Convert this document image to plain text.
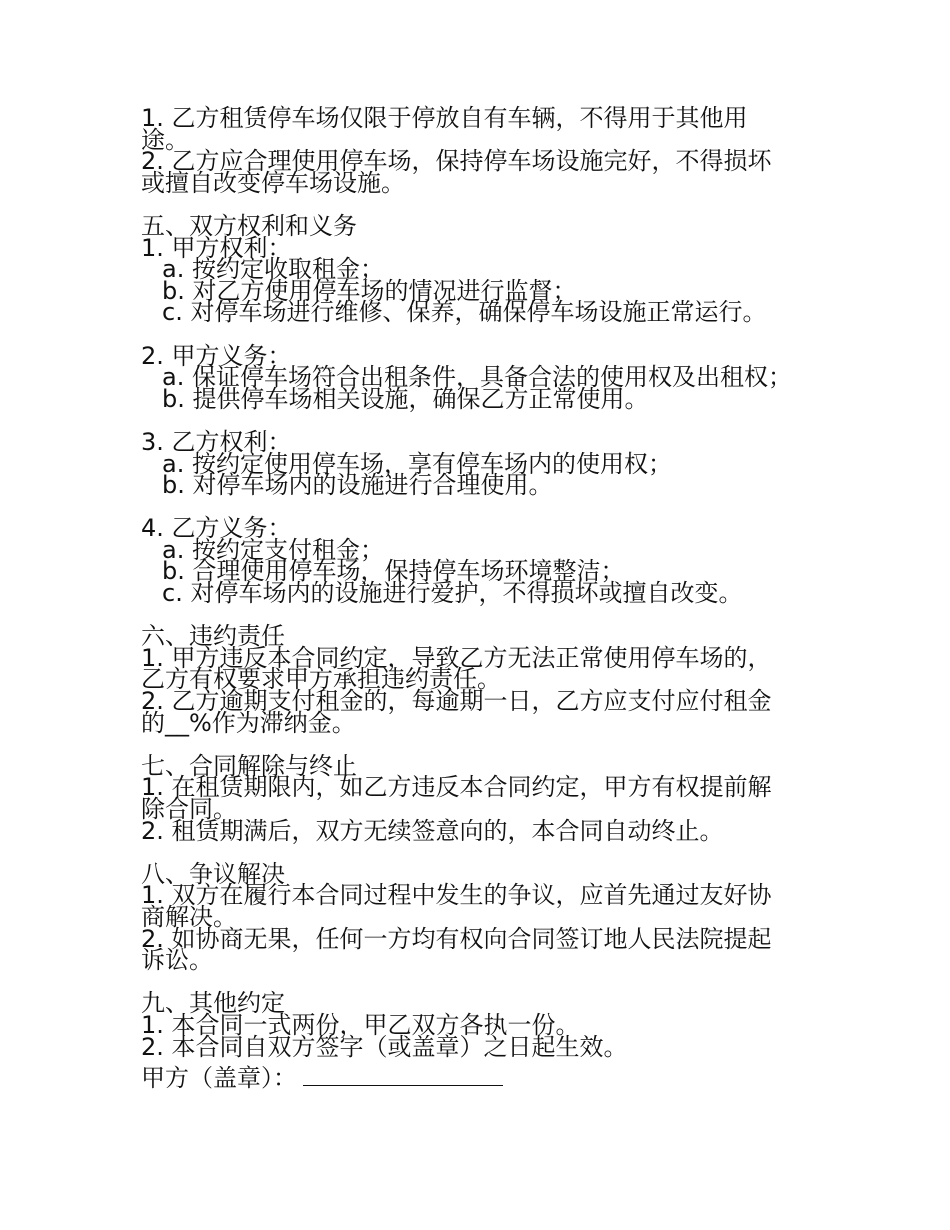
1. 乙方租赁停车场仅限于停放自有车辆，不得用于其他用
途。
2. 乙方应合理使用停车场，保持停车场设施完好，不得损坏
或擅自改变停车场设施。
五、双方权利和义务
1. 甲方权利：
a. 按约定收取租金；
b. 对乙方使用停车场的情况进行监督；
c. 对停车场进行维修、保养，确保停车场设施正常运行。
2. 甲方义务：
a. 保证停车场符合出租条件，具备合法的使用权及出租权；
b. 提供停车场相关设施，确保乙方正常使用。
3. 乙方权利：
a. 按约定使用停车场，享有停车场内的使用权；
b. 对停车场内的设施进行合理使用。
4. 乙方义务：
a. 按约定支付租金；
b. 合理使用停车场，保持停车场环境整洁；
c. 对停车场内的设施进行爱护，不得损坏或擅自改变。
六、违约责任
1. 甲方违反本合同约定，导致乙方无法正常使用停车场的，
乙方有权要求甲方承担违约责任。
2. 乙方逾期支付租金的，每逾期一日，乙方应支付应付租金
的__%作为滞纳金。
七、合同解除与终止
1. 在租赁期限内，如乙方违反本合同约定，甲方有权提前解
除合同。
2. 租赁期满后，双方无续签意向的，本合同自动终止。
八、争议解决
1. 双方在履行本合同过程中发生的争议，应首先通过友好协
商解决。
2. 如协商无果，任何一方均有权向合同签订地人民法院提起
诉讼。
九、其他约定
1. 本合同一式两份，甲乙双方各执一份。
2. 本合同自双方签字（或盖章）之日起生效。
甲方（盖章）：
